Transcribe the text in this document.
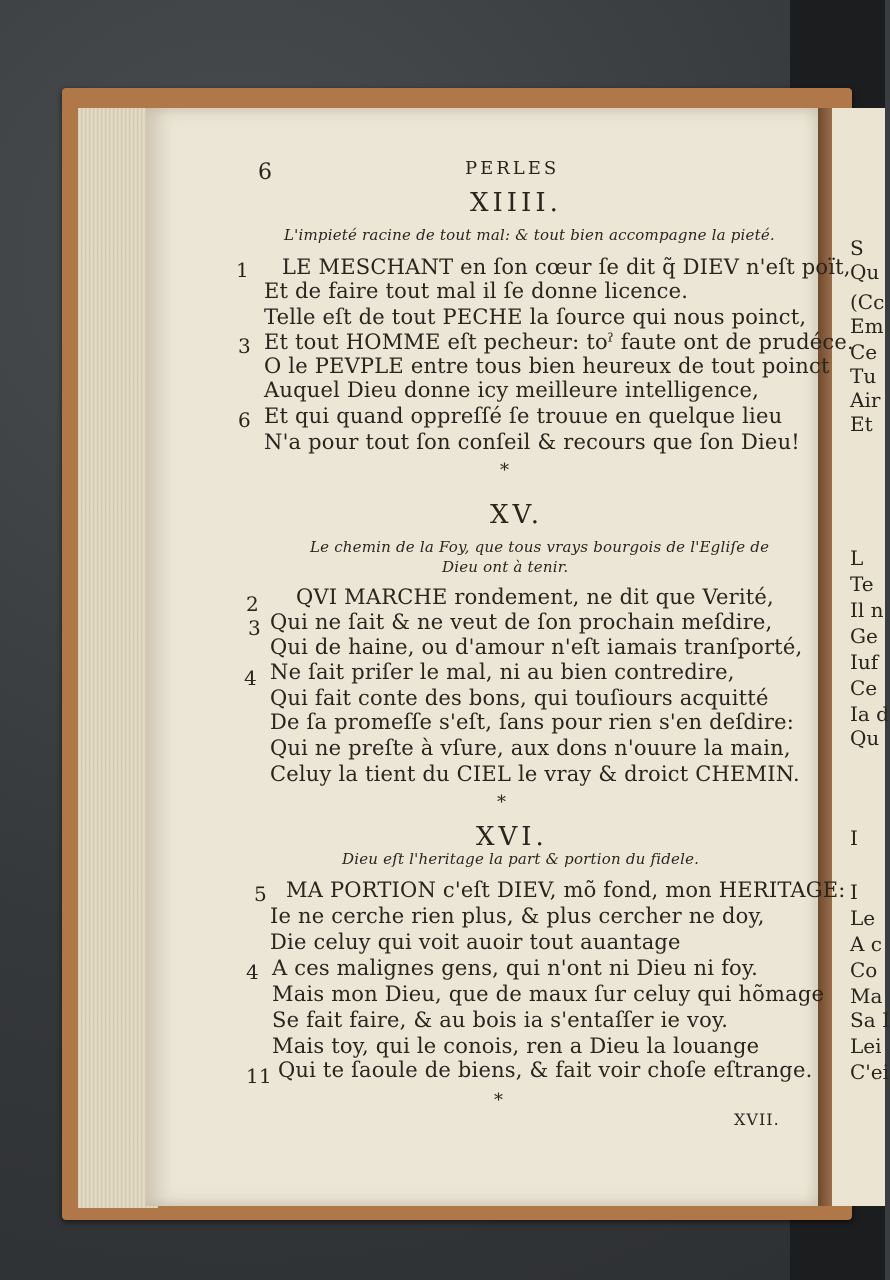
S
Qu
(Cc
Em
Ce
Tu
Air
Et
L
Te
Il n
Ge
Iuf
Ce
Ia d
Qu
I
I
Le
A c
Co
Ma
Sa I
Lei
C'ei
6	PERLES
XIIII.
L'impieté racine de tout mal: & tout bien accompagne la pieté.
1 LE MESCHANT en ſon cœur ſe dit q̃ DIEV n'eſt poït,
Et de faire tout mal il ſe donne licence.
Telle eſt de tout PECHE la ſource qui nous poinct,
3 Et tout HOMME eſt pecheur: toˀ faute ont de prudéce.
O le PEVPLE entre tous bien heureux de tout poinct
Auquel Dieu donne icy meilleure intelligence,
6 Et qui quand oppreſſé ſe trouue en quelque lieu
N'a pour tout ſon conſeil & recours que ſon Dieu!
*
XV.
Le chemin de la Foy, que tous vrays bourgois de l'Egliſe de
Dieu ont à tenir.
2 QVI MARCHE rondement, ne dit que Verité,
3 Qui ne ſait & ne veut de ſon prochain meſdire,
Qui de haine, ou d'amour n'eſt iamais tranſporté,
4 Ne ſait priſer le mal, ni au bien contredire,
Qui fait conte des bons, qui touſiours acquitté
De ſa promeſſe s'eſt, ſans pour rien s'en deſdire:
Qui ne preſte à vſure, aux dons n'ouure la main,
Celuy la tient du CIEL le vray & droict CHEMIN.
*
XVI.
Dieu eſt l'heritage la part & portion du fidele.
5 MA PORTION c'eſt DIEV, mõ fond, mon HERITAGE:
Ie ne cerche rien plus, & plus cercher ne doy,
Die celuy qui voit auoir tout auantage
4 A ces malignes gens, qui n'ont ni Dieu ni foy.
Mais mon Dieu, que de maux ſur celuy qui hõmage
Se fait faire, & au bois ia s'entaſſer ie voy.
Mais toy, qui le conois, ren a Dieu la louange
11 Qui te ſaoule de biens, & fait voir choſe eſtrange.
*
XVII.
